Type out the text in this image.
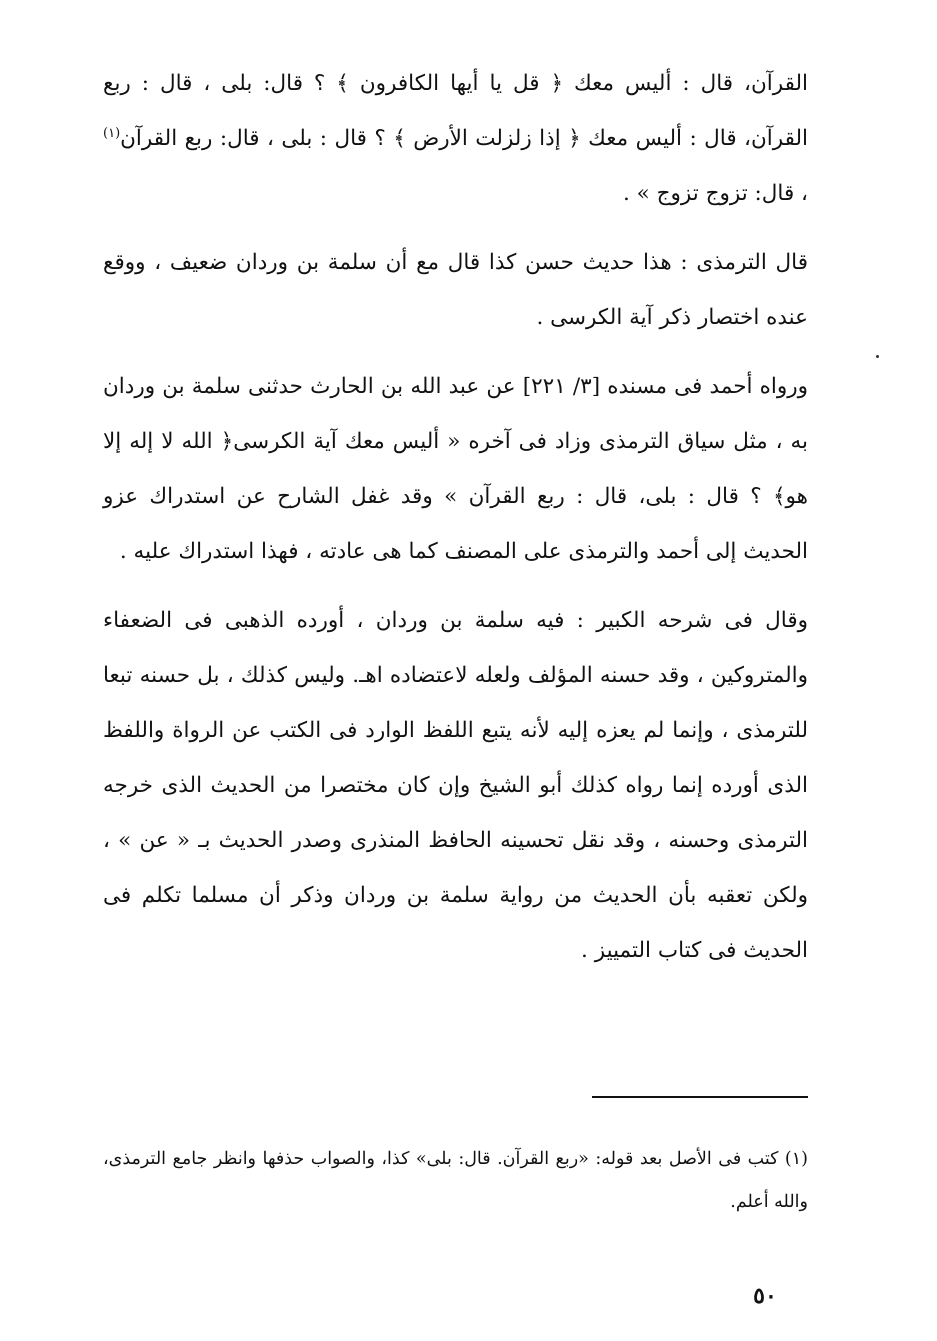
القرآن، قال : أليس معك ﴿ قل يا أيها الكافرون ﴾ ؟ قال: بلى ، قال : ربع القرآن، قال : أليس معك ﴿ إذا زلزلت الأرض ﴾ ؟ قال : بلى ، قال: ربع القرآن$^{(١)}$ ، قال: تزوج تزوج » .

قال الترمذى : هذا حديث حسن كذا قال مع أن سلمة بن وردان ضعيف ، ووقع عنده اختصار ذكر آية الكرسى .

ورواه أحمد فى مسنده [٣/ ٢٢١] عن عبد الله بن الحارث حدثنى سلمة بن وردان به ، مثل سياق الترمذى وزاد فى آخره « أليس معك آية الكرسى﴿ الله لا إله إلا هو﴾ ؟ قال : بلى، قال : ربع القرآن » وقد غفل الشارح عن استدراك عزو الحديث إلى أحمد والترمذى على المصنف كما هى عادته ، فهذا استدراك عليه .

وقال فى شرحه الكبير : فيه سلمة بن وردان ، أورده الذهبى فى الضعفاء والمتروكين ، وقد حسنه المؤلف ولعله لاعتضاده اهـ. وليس كذلك ، بل حسنه تبعا للترمذى ، وإنما لم يعزه إليه لأنه يتبع اللفظ الوارد فى الكتب عن الرواة واللفظ الذى أورده إنما رواه كذلك أبو الشيخ وإن كان مختصرا من الحديث الذى خرجه الترمذى وحسنه ، وقد نقل تحسينه الحافظ المنذرى وصدر الحديث بـ « عن » ، ولكن تعقبه بأن الحديث من رواية سلمة بن وردان وذكر أن مسلما تكلم فى الحديث فى كتاب التمييز .

(١) كتب فى الأصل بعد قوله: «ربع القرآن. قال: بلى» كذا، والصواب حذفها وانظر جامع الترمذى، والله أعلم.
٥٠
